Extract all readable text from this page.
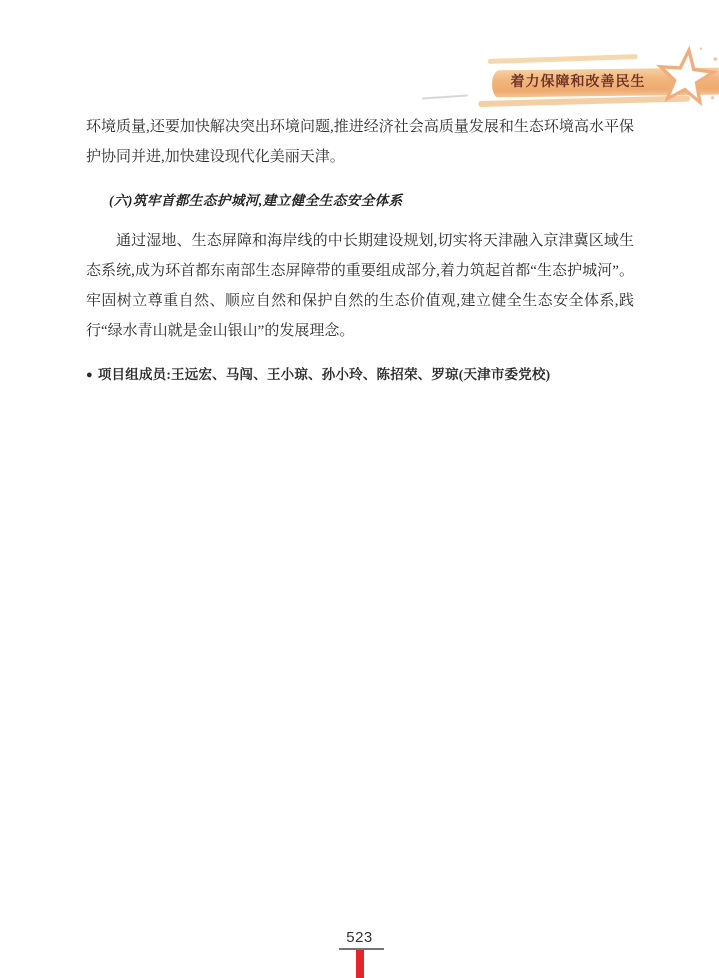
着力保障和改善民生

环境质量,还要加快解决突出环境问题,推进经济社会高质量发展和生态环境高水平保护协同并进,加快建设现代化美丽天津。

(六)筑牢首都生态护城河,建立健全生态安全体系

通过湿地、生态屏障和海岸线的中长期建设规划,切实将天津融入京津冀区域生态系统,成为环首都东南部生态屏障带的重要组成部分,着力筑起首都“生态护城河”。牢固树立尊重自然、顺应自然和保护自然的生态价值观,建立健全生态安全体系,践行“绿水青山就是金山银山”的发展理念。

● 项目组成员:王远宏、马闯、王小琼、孙小玲、陈招荣、罗琼(天津市委党校)

523
